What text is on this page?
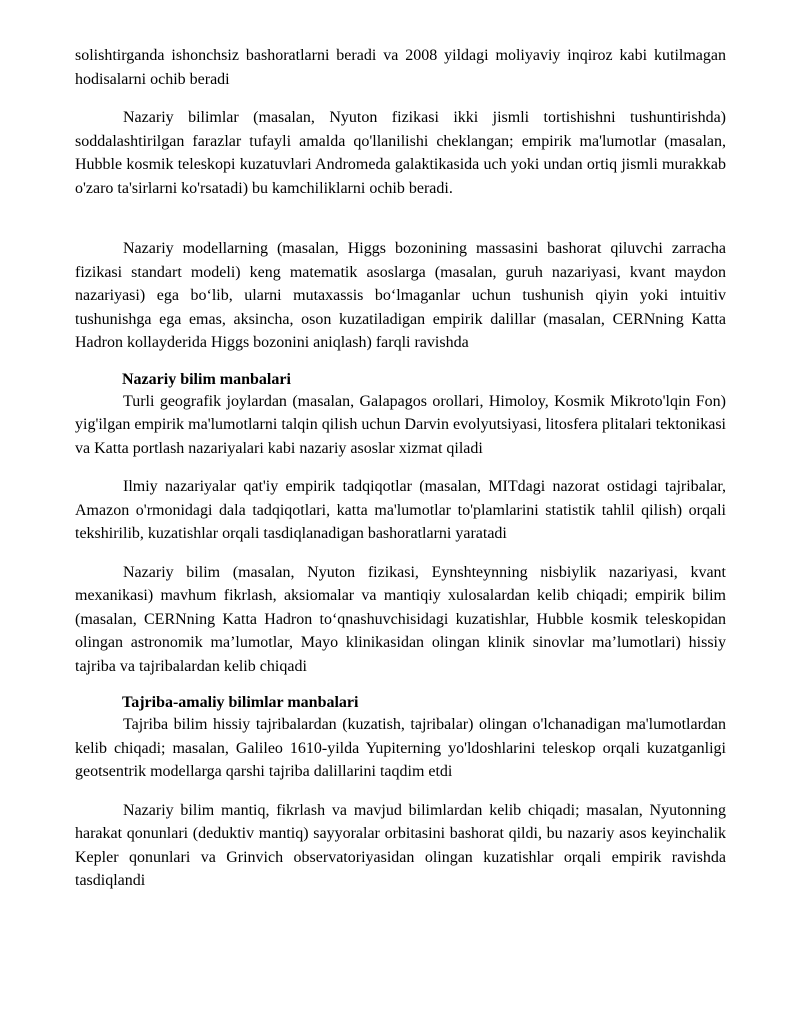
solishtirganda ishonchsiz bashoratlarni beradi va 2008 yildagi moliyaviy inqiroz kabi kutilmagan hodisalarni ochib beradi

Nazariy bilimlar (masalan, Nyuton fizikasi ikki jismli tortishishni tushuntirishda) soddalashtirilgan farazlar tufayli amalda qo'llanilishi cheklangan; empirik ma'lumotlar (masalan, Hubble kosmik teleskopi kuzatuvlari Andromeda galaktikasida uch yoki undan ortiq jismli murakkab o'zaro ta'sirlarni ko'rsatadi) bu kamchiliklarni ochib beradi.

Nazariy modellarning (masalan, Higgs bozonining massasini bashorat qiluvchi zarracha fizikasi standart modeli) keng matematik asoslarga (masalan, guruh nazariyasi, kvant maydon nazariyasi) ega bo‘lib, ularni mutaxassis bo‘lmaganlar uchun tushunish qiyin yoki intuitiv tushunishga ega emas, aksincha, oson kuzatiladigan empirik dalillar (masalan, CERNning Katta Hadron kollayderida Higgs bozonini aniqlash) farqli ravishda

Nazariy bilim manbalari

Turli geografik joylardan (masalan, Galapagos orollari, Himoloy, Kosmik Mikroto'lqin Fon) yig'ilgan empirik ma'lumotlarni talqin qilish uchun Darvin evolyutsiyasi, litosfera plitalari tektonikasi va Katta portlash nazariyalari kabi nazariy asoslar xizmat qiladi

Ilmiy nazariyalar qat'iy empirik tadqiqotlar (masalan, MITdagi nazorat ostidagi tajribalar, Amazon o'rmonidagi dala tadqiqotlari, katta ma'lumotlar to'plamlarini statistik tahlil qilish) orqali tekshirilib, kuzatishlar orqali tasdiqlanadigan bashoratlarni yaratadi

Nazariy bilim (masalan, Nyuton fizikasi, Eynshteynning nisbiylik nazariyasi, kvant mexanikasi) mavhum fikrlash, aksiomalar va mantiqiy xulosalardan kelib chiqadi; empirik bilim (masalan, CERNning Katta Hadron to‘qnashuvchisidagi kuzatishlar, Hubble kosmik teleskopidan olingan astronomik ma’lumotlar, Mayo klinikasidan olingan klinik sinovlar ma’lumotlari) hissiy tajriba va tajribalardan kelib chiqadi

Tajriba-amaliy bilimlar manbalari

Tajriba bilim hissiy tajribalardan (kuzatish, tajribalar) olingan o'lchanadigan ma'lumotlardan kelib chiqadi; masalan, Galileo 1610-yilda Yupiterning yo'ldoshlarini teleskop orqali kuzatganligi geotsentrik modellarga qarshi tajriba dalillarini taqdim etdi

Nazariy bilim mantiq, fikrlash va mavjud bilimlardan kelib chiqadi; masalan, Nyutonning harakat qonunlari (deduktiv mantiq) sayyoralar orbitasini bashorat qildi, bu nazariy asos keyinchalik Kepler qonunlari va Grinvich observatoriyasidan olingan kuzatishlar orqali empirik ravishda tasdiqlandi
